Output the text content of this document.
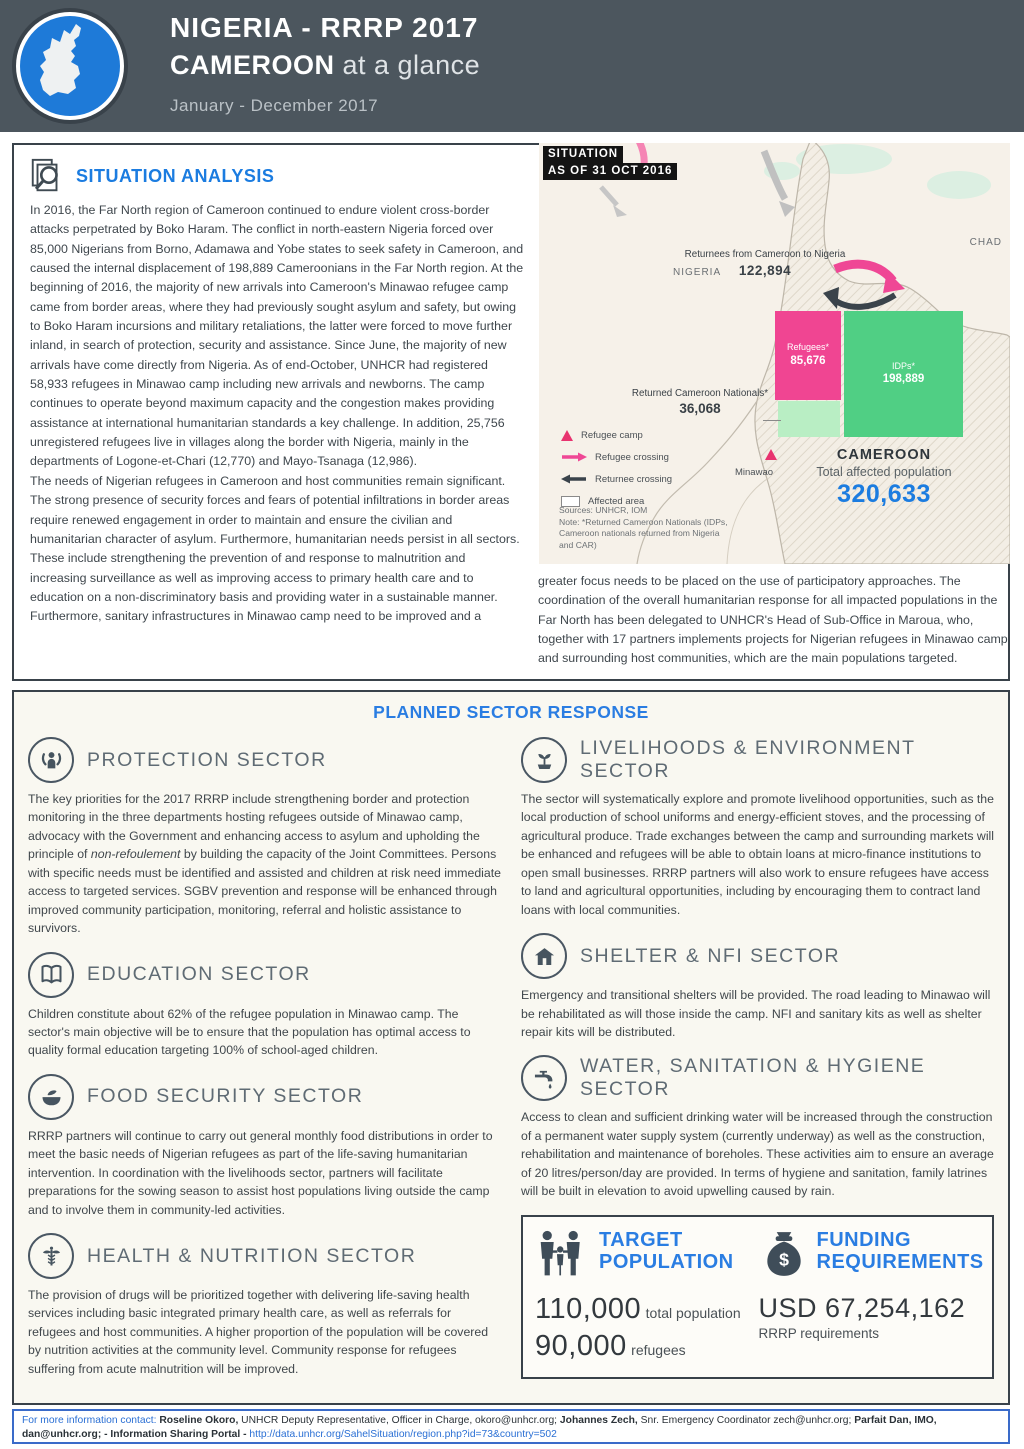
NIGERIA - RRRP 2017
CAMEROON at a glance
January - December 2017
SITUATION ANALYSIS

In 2016, the Far North region of Cameroon continued to endure violent cross-border attacks perpetrated by Boko Haram. The conflict in north-eastern Nigeria forced over 85,000 Nigerians from Borno, Adamawa and Yobe states to seek safety in Cameroon, and caused the internal displacement of 198,889 Cameroonians in the Far North region. At the beginning of 2016, the majority of new arrivals into Cameroon's Minawao refugee camp came from border areas, where they had previously sought asylum and safety, but owing to Boko Haram incursions and military retaliations, the latter were forced to move further inland, in search of protection, security and assistance. Since June, the majority of new arrivals have come directly from Nigeria. As of end-October, UNHCR had registered 58,933 refugees in Minawao camp including new arrivals and newborns. The camp continues to operate beyond maximum capacity and the congestion makes providing assistance at international humanitarian standards a key challenge. In addition, 25,756 unregistered refugees live in villages along the border with Nigeria, mainly in the departments of Logone-et-Chari (12,770) and Mayo-Tsanaga (12,986).

The needs of Nigerian refugees in Cameroon and host communities remain significant. The strong presence of security forces and fears of potential infiltrations in border areas require renewed engagement in order to maintain and ensure the civilian and humanitarian character of asylum. Furthermore, humanitarian needs persist in all sectors. These include strengthening the prevention of and response to malnutrition and increasing surveillance as well as improving access to primary health care and to education on a non-discriminatory basis and providing water in a sustainable manner. Furthermore, sanitary infrastructures in Minawao camp need to be improved and a

greater focus needs to be placed on the use of participatory approaches. The coordination of the overall humanitarian response for all impacted populations in the Far North has been delegated to UNHCR's Head of Sub-Office in Maroua, who, together with 17 partners implements projects for Nigerian refugees in Minawao camp and surrounding host communities, which are the main populations targeted.
SITUATION
AS OF 31 OCT 2016
NIGERIA
CHAD
Returnees from Cameroon to Nigeria
122,894
Refugees*
85,676	IDPs*
198,889
Returned Cameroon Nationals*
36,068
Refugee camp
Refugee crossing
Returnee crossing
Affected area
Sources: UNHCR, IOM
Note: *Returned Cameroon Nationals (IDPs, Cameroon nationals returned from Nigeria and CAR)
Minawao
CAMEROON
Total affected population
320,633
PLANNED SECTOR RESPONSE
PROTECTION SECTOR
The key priorities for the 2017 RRRP include strengthening border and protection monitoring in the three departments hosting refugees outside of Minawao camp, advocacy with the Government and enhancing access to asylum and upholding the principle of non-refoulement by building the capacity of the Joint Committees. Persons with specific needs must be identified and assisted and children at risk need immediate access to targeted services. SGBV prevention and response will be enhanced through improved community participation, monitoring, referral and holistic assistance to survivors.
EDUCATION SECTOR
Children constitute about 62% of the refugee population in Minawao camp. The sector's main objective will be to ensure that the population has optimal access to quality formal education targeting 100% of school-aged children.
FOOD SECURITY SECTOR
RRRP partners will continue to carry out general monthly food distributions in order to meet the basic needs of Nigerian refugees as part of the life-saving humanitarian intervention. In coordination with the livelihoods sector, partners will facilitate preparations for the sowing season to assist host populations living outside the camp and to involve them in community-led activities.
HEALTH & NUTRITION SECTOR
The provision of drugs will be prioritized together with delivering life-saving health services including basic integrated primary health care, as well as referrals for refugees and host communities. A higher proportion of the population will be covered by nutrition activities at the community level. Community response for refugees suffering from acute malnutrition will be improved.
LIVELIHOODS & ENVIRONMENT SECTOR
The sector will systematically explore and promote livelihood opportunities, such as the local production of school uniforms and energy-efficient stoves, and the processing of agricultural produce. Trade exchanges between the camp and surrounding markets will be enhanced and refugees will be able to obtain loans at micro-finance institutions to open small businesses. RRRP partners will also work to ensure refugees have access to land and agricultural opportunities, including by encouraging them to contract land loans with local communities.
SHELTER & NFI SECTOR
Emergency and transitional shelters will be provided. The road leading to Minawao will be rehabilitated as will those inside the camp. NFI and sanitary kits as well as shelter repair kits will be distributed.
WATER, SANITATION & HYGIENE SECTOR
Access to clean and sufficient drinking water will be increased through the construction of a permanent water supply system (currently underway) as well as the construction, rehabilitation and maintenance of boreholes. These activities aim to ensure an average of 20 litres/person/day are provided. In terms of hygiene and sanitation, family latrines will be built in elevation to avoid upwelling caused by rain.
TARGET POPULATION
110,000 total population
90,000 refugees
$
FUNDING REQUIREMENTS
USD 67,254,162
RRRP requirements
For more information contact: Roseline Okoro, UNHCR Deputy Representative, Officer in Charge, okoro@unhcr.org; Johannes Zech, Snr. Emergency Coordinator zech@unhcr.org; Parfait Dan, IMO,
dan@unhcr.org; - Information Sharing Portal - http://data.unhcr.org/SahelSituation/region.php?id=73&country=502
